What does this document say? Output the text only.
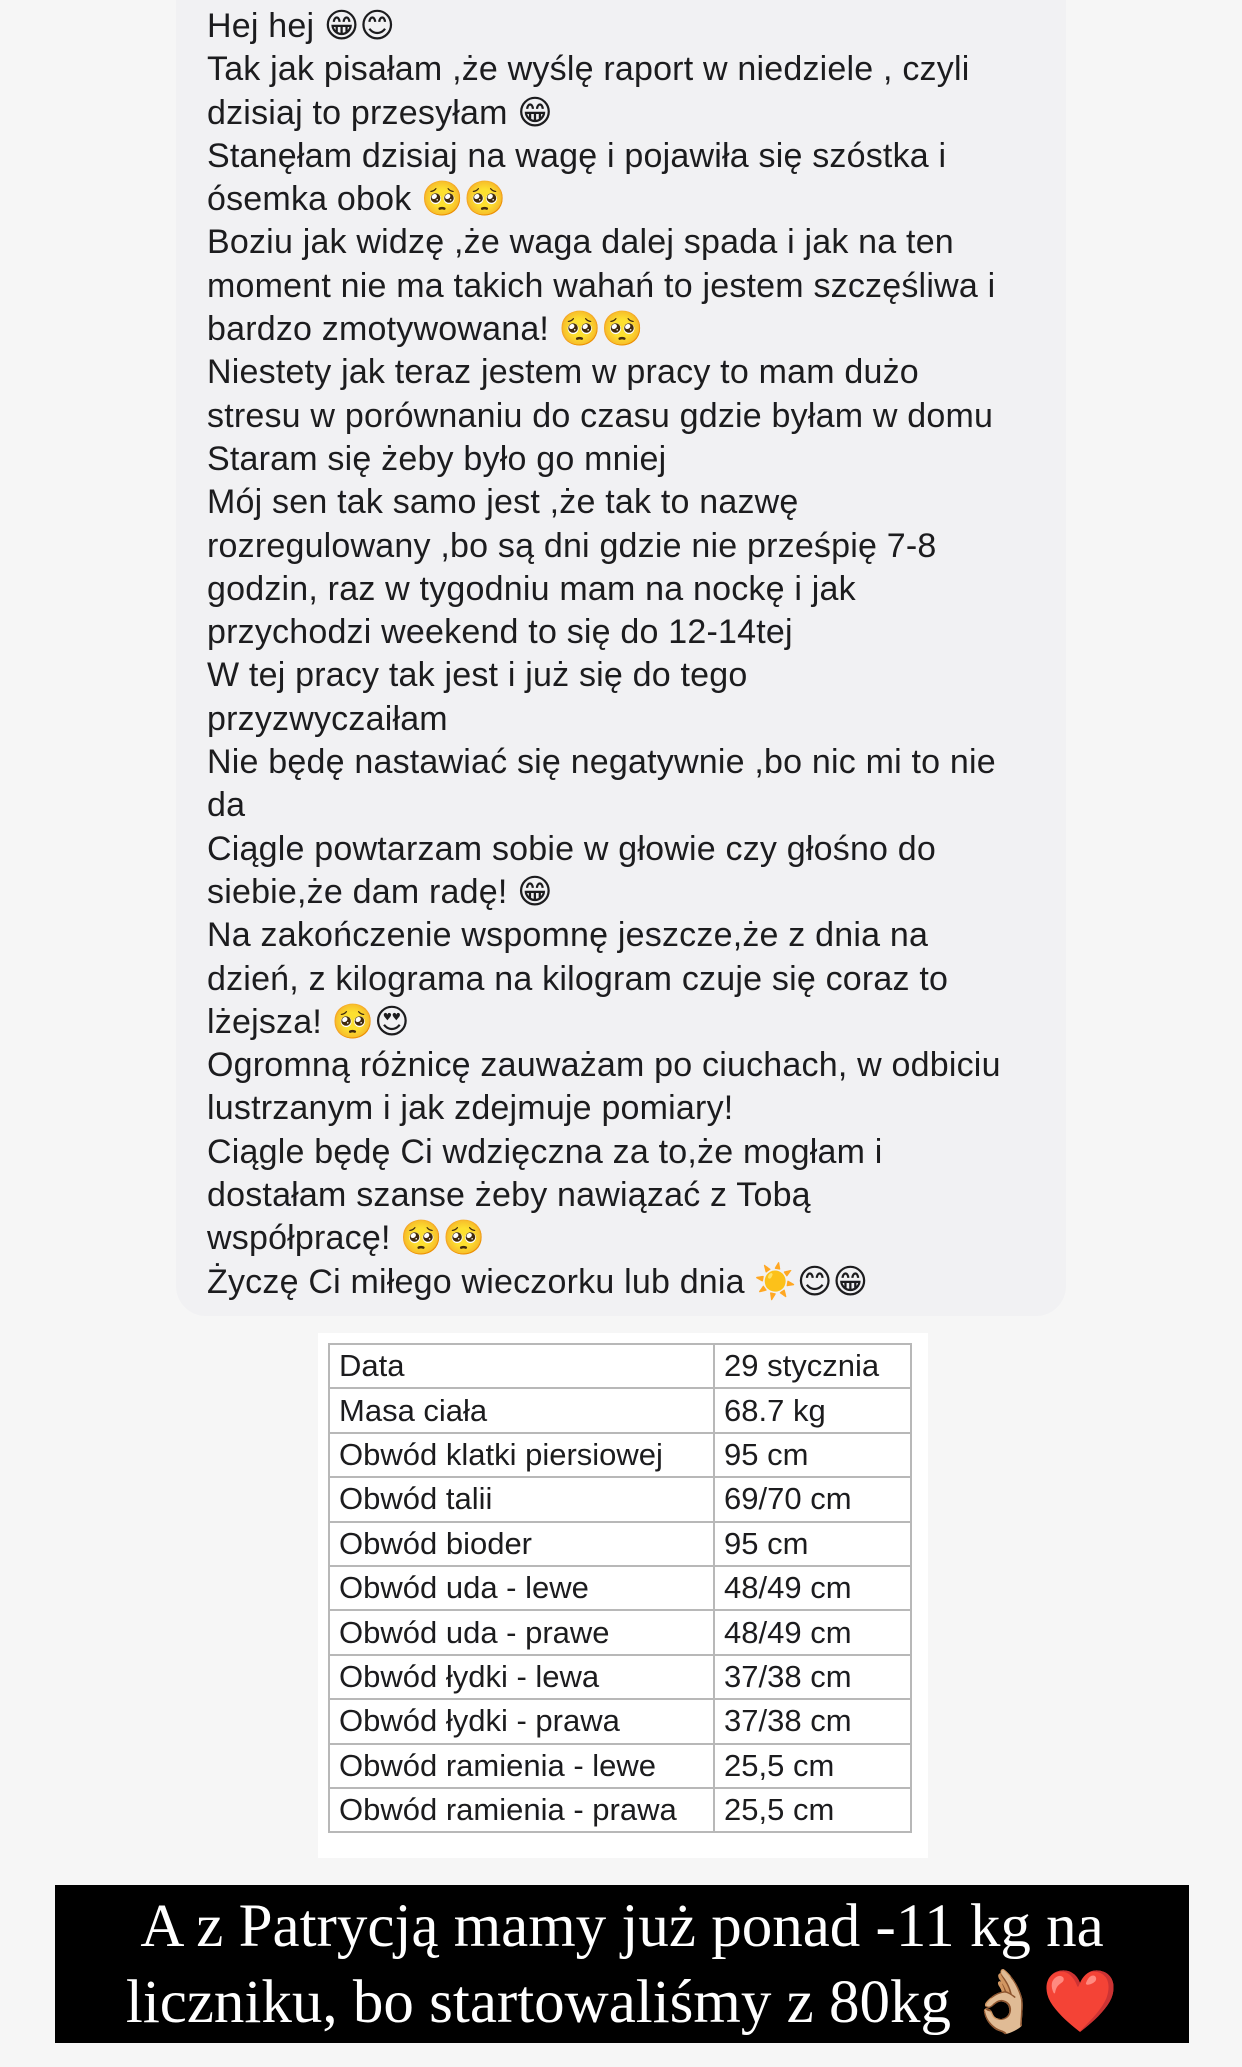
Hej hej 😁😊
Tak jak pisałam ,że wyślę raport w niedziele , czyli
dzisiaj to przesyłam 😁
Stanęłam dzisiaj na wagę i pojawiła się szóstka i
ósemka obok 🥺🥺
Boziu jak widzę ,że waga dalej spada i jak na ten
moment nie ma takich wahań to jestem szczęśliwa i
bardzo zmotywowana! 🥺🥺
Niestety jak teraz jestem w pracy to mam dużo
stresu w porównaniu do czasu gdzie byłam w domu
Staram się żeby było go mniej
Mój sen tak samo jest ,że tak to nazwę
rozregulowany ,bo są dni gdzie nie prześpię 7-8
godzin, raz w tygodniu mam na nockę i jak
przychodzi weekend to się do 12-14tej
W tej pracy tak jest i już się do tego
przyzwyczaiłam
Nie będę nastawiać się negatywnie ,bo nic mi to nie
da
Ciągle powtarzam sobie w głowie czy głośno do
siebie,że dam radę! 😁
Na zakończenie wspomnę jeszcze,że z dnia na
dzień, z kilograma na kilogram czuje się coraz to
lżejsza! 🥺😍
Ogromną różnicę zauważam po ciuchach, w odbiciu
lustrzanym i jak zdejmuje pomiary!
Ciągle będę Ci wdzięczna za to,że mogłam i
dostałam szanse żeby nawiązać z Tobą
współpracę! 🥺🥺
Życzę Ci miłego wieczorku lub dnia ☀️😊😁
Data	29 stycznia
Masa ciała	68.7 kg
Obwód klatki piersiowej	95 cm
Obwód talii	69/70 cm
Obwód bioder	95 cm
Obwód uda - lewe	48/49 cm
Obwód uda - prawe	48/49 cm
Obwód łydki - lewa	37/38 cm
Obwód łydki - prawa	37/38 cm
Obwód ramienia - lewe	25,5 cm
Obwód ramienia - prawa	25,5 cm
A z Patrycją mamy już ponad -11 kg na
liczniku, bo startowaliśmy z 80kg 👌🏼❤️
